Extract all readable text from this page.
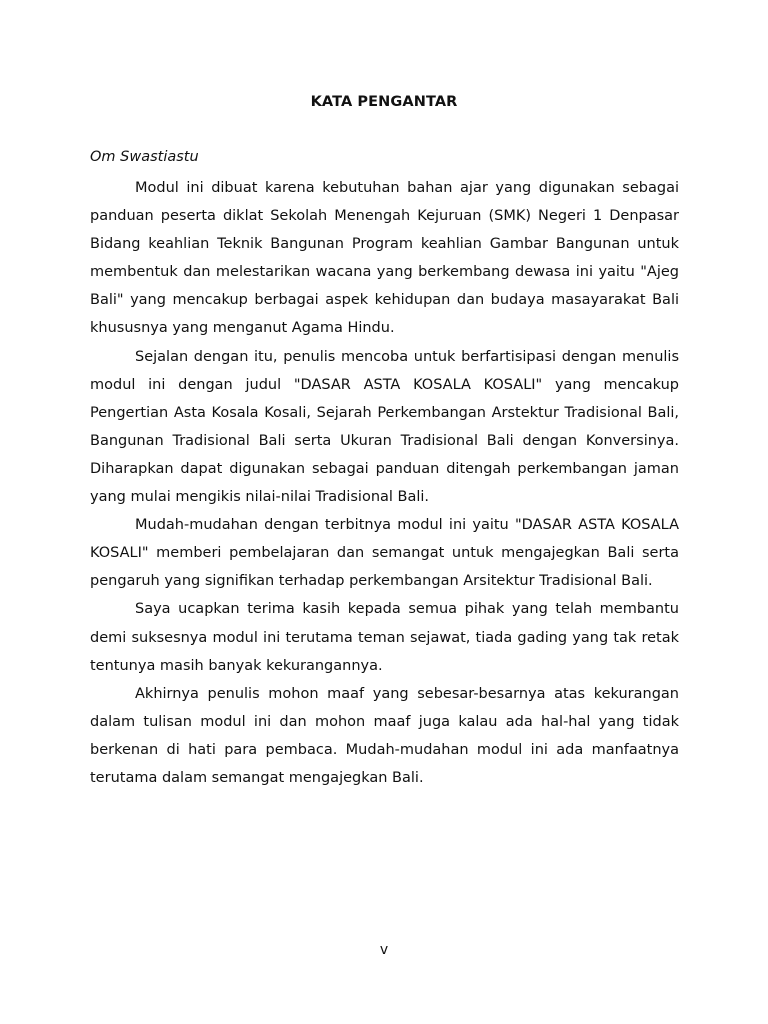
KATA PENGANTAR
Om Swastiastu

Modul ini dibuat karena kebutuhan bahan ajar yang digunakan sebagai panduan peserta diklat Sekolah Menengah Kejuruan (SMK) Negeri 1 Denpasar Bidang keahlian Teknik Bangunan Program keahlian Gambar Bangunan untuk membentuk dan melestarikan wacana yang berkembang dewasa ini yaitu "Ajeg Bali" yang mencakup berbagai aspek kehidupan dan budaya masayarakat Bali khususnya yang menganut Agama Hindu.

Sejalan dengan itu, penulis mencoba untuk berfartisipasi dengan menulis modul ini dengan judul "DASAR ASTA KOSALA KOSALI" yang mencakup Pengertian Asta Kosala Kosali, Sejarah Perkembangan Arstektur Tradisional Bali, Bangunan Tradisional Bali serta Ukuran Tradisional Bali dengan Konversinya. Diharapkan dapat digunakan sebagai panduan ditengah perkembangan jaman yang mulai mengikis nilai-nilai Tradisional Bali.

Mudah-mudahan dengan terbitnya modul ini yaitu "DASAR ASTA KOSALA KOSALI" memberi pembelajaran dan semangat untuk mengajegkan Bali serta pengaruh yang signifikan terhadap perkembangan Arsitektur Tradisional Bali.

Saya ucapkan terima kasih kepada semua pihak yang telah membantu demi suksesnya modul ini terutama teman sejawat, tiada gading yang tak retak tentunya masih banyak kekurangannya.

Akhirnya penulis mohon maaf yang sebesar-besarnya atas kekurangan dalam tulisan modul ini dan mohon maaf juga kalau ada hal-hal yang tidak berkenan di hati para pembaca. Mudah-mudahan modul ini ada manfaatnya terutama dalam semangat mengajegkan Bali.

v
